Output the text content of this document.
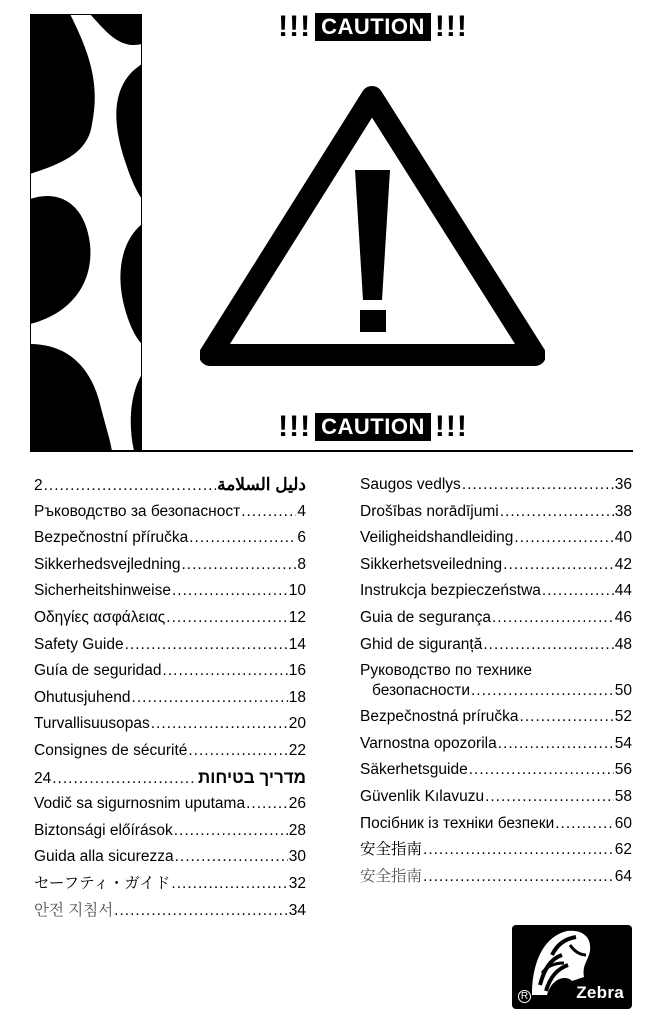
!!! CAUTION !!!
!!! CAUTION !!!
2 .....	دليل السلامة
Ръководство за безопасност .....	4
Bezpečnostní příručka .....	6
Sikkerhedsvejledning .....	8
Sicherheitshinweise .....	10
Οδηγίες ασφάλειας .....	12
Safety Guide .....	14
Guía de seguridad .....	16
Ohutusjuhend .....	18
Turvallisuusopas .....	20
Consignes de sécurité .....	22
24 .....	מדריך בטיחות
Vodič sa sigurnosnim uputama .....	26
Biztonsági előírások .....	28
Guida alla sicurezza .....	30
セーフティ・ガイド .....	32
안전 지침서 .....	34
Saugos vedlys .....	36
Drošības norādījumi .....	38
Veiligheidshandleiding .....	40
Sikkerhetsveiledning .....	42
Instrukcja bezpieczeństwa .....	44
Guia de segurança .....	46
Ghid de siguranță .....	48
Руководство по технике
безопасности .....	50
Bezpečnostná príručka .....	52
Varnostna opozorila .....	54
Säkerhetsguide .....	56
Güvenlik Kılavuzu .....	58
Посібник із техніки безпеки .....	60
安全指南 .....	62
安全指南 .....	64
R	Zebra
